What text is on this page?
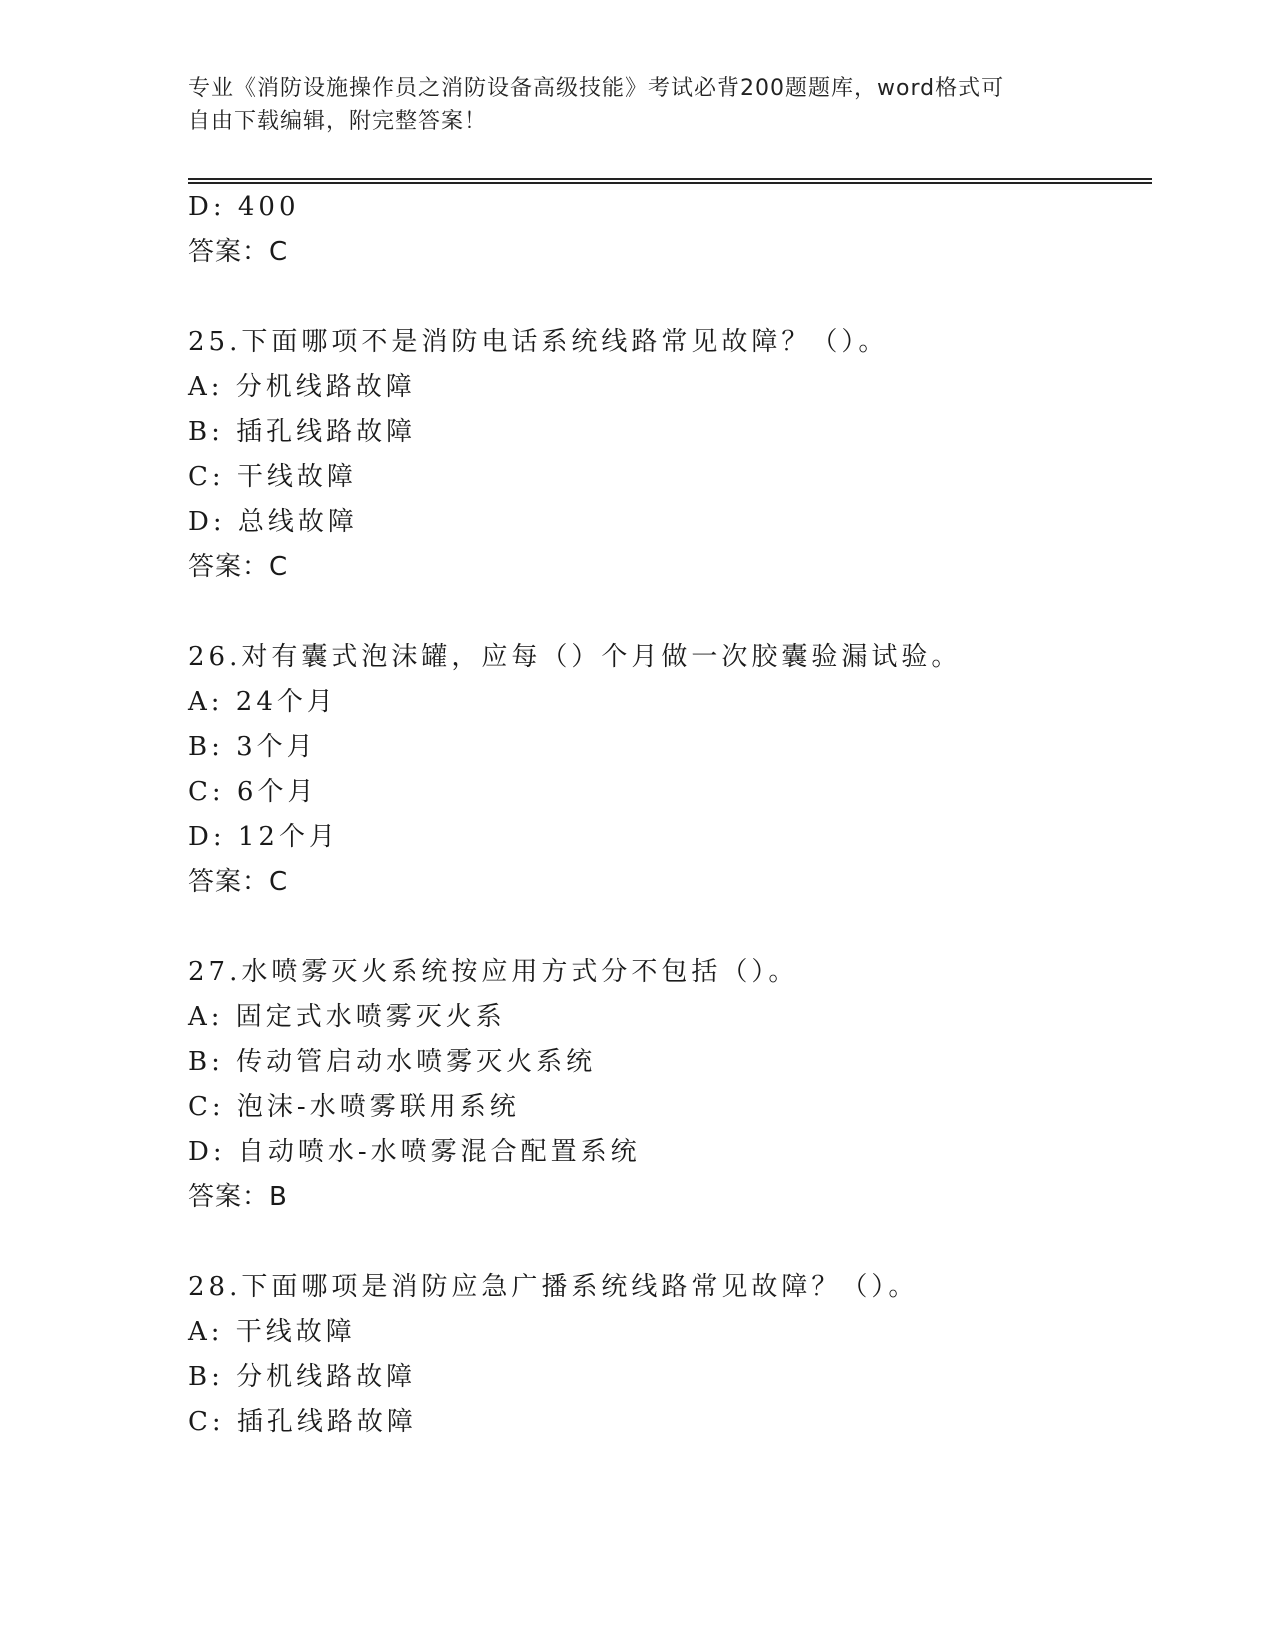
专业《消防设施操作员之消防设备高级技能》考试必背200题题库，word格式可
自由下载编辑，附完整答案！
D: 400
答案：C
25.下面哪项不是消防电话系统线路常见故障？（）。
A: 分机线路故障
B: 插孔线路故障
C: 干线故障
D: 总线故障
答案：C
26.对有囊式泡沫罐，应每（）个月做一次胶囊验漏试验。
A: 24个月
B: 3个月
C: 6个月
D: 12个月
答案：C
27.水喷雾灭火系统按应用方式分不包括（）。
A: 固定式水喷雾灭火系
B: 传动管启动水喷雾灭火系统
C: 泡沫-水喷雾联用系统
D: 自动喷水-水喷雾混合配置系统
答案：B
28.下面哪项是消防应急广播系统线路常见故障？（）。
A: 干线故障
B: 分机线路故障
C: 插孔线路故障
